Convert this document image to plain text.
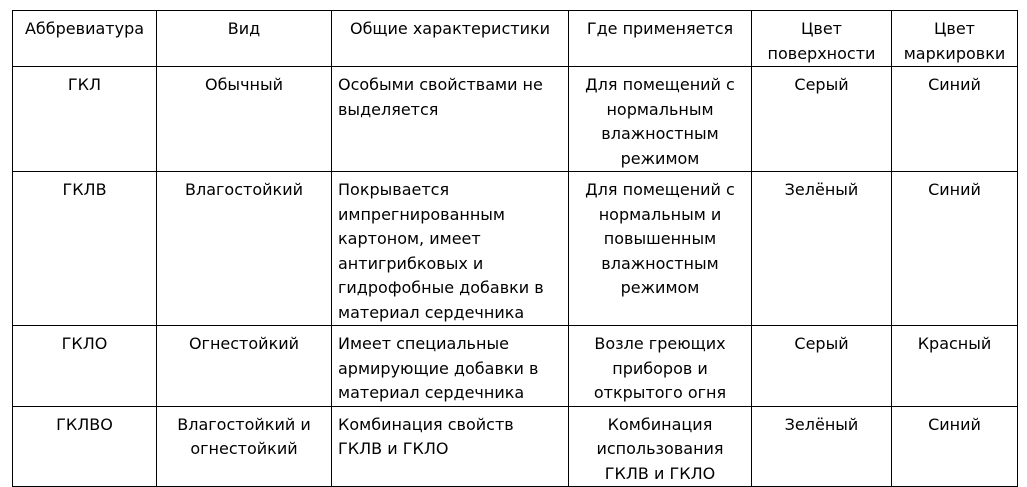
Аббревиатура	Вид	Общие характеристики	Где применяется	Цвет поверхности	Цвет маркировки
ГКЛ	Обычный	Особыми свойствами не выделяется	Для помещений с нормальным влажностным режимом	Серый	Синий
ГКЛВ	Влагостойкий	Покрывается импрегнированным картоном, имеет антигрибковых и гидрофобные добавки в материал сердечника	Для помещений с нормальным и повышенным влажностным режимом	Зелёный	Синий
ГКЛО	Огнестойкий	Имеет специальные армирующие добавки в материал сердечника	Возле греющих приборов и открытого огня	Серый	Красный
ГКЛВО	Влагостойкий и огнестойкий	Комбинация свойств ГКЛВ и ГКЛО	Комбинация использования ГКЛВ и ГКЛО	Зелёный	Синий
